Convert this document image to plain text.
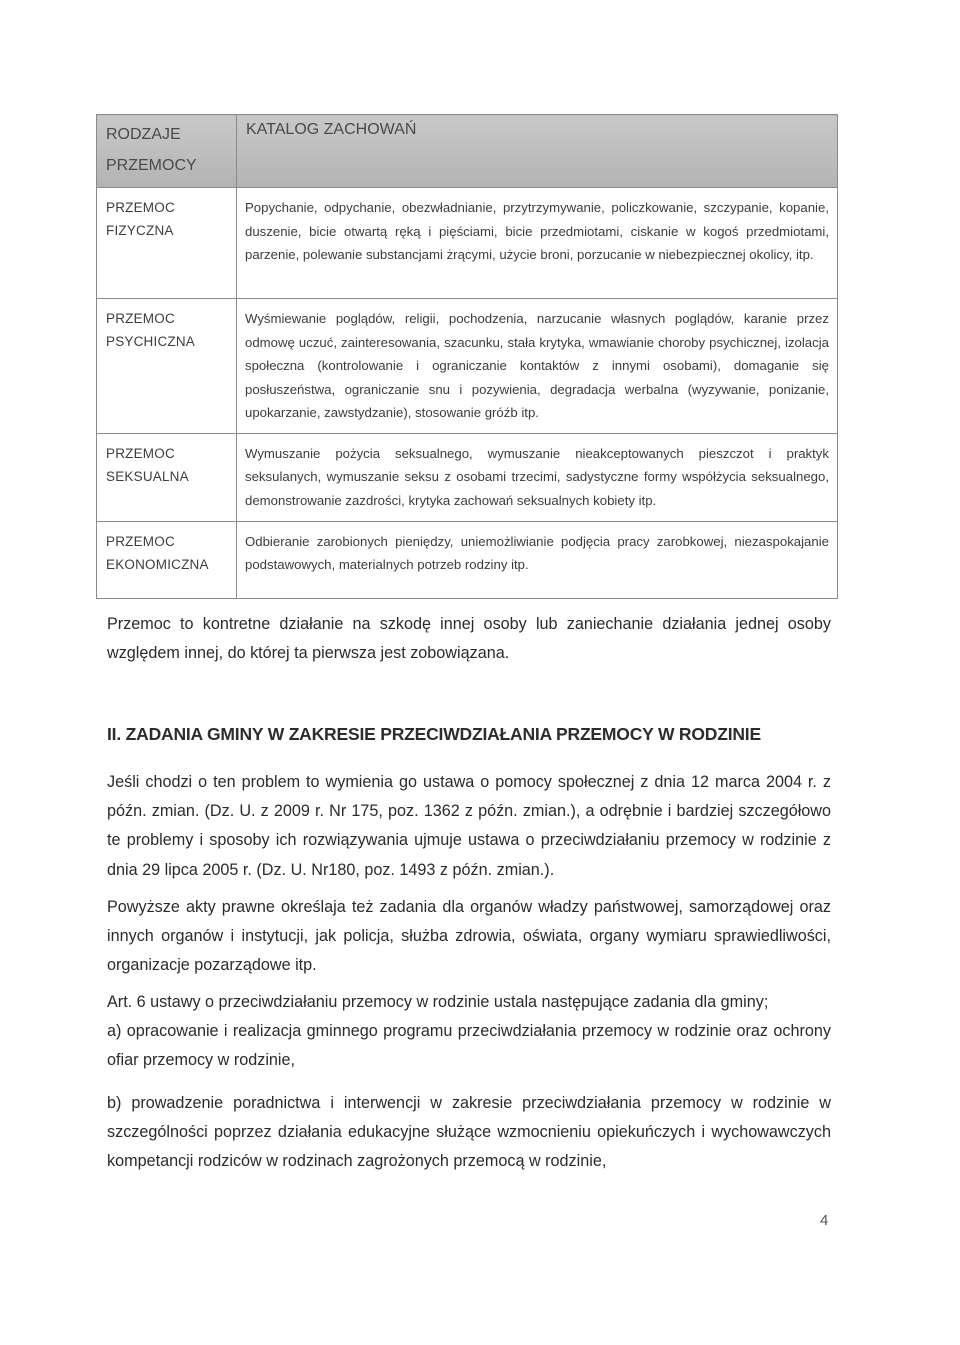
RODZAJE
PRZEMOCY	KATALOG ZACHOWAŃ

PRZEMOC
FIZYCZNA	Popychanie, odpychanie, obezwładnianie, przytrzymywanie, policzkowanie, szczypanie, kopanie, duszenie, bicie otwartą ręką i pięściami, bicie przedmiotami, ciskanie w kogoś przedmiotami, parzenie, polewanie substancjami żrącymi, użycie broni, porzucanie w niebezpiecznej okolicy, itp.

PRZEMOC
PSYCHICZNA	Wyśmiewanie poglądów, religii, pochodzenia, narzucanie własnych poglądów, karanie przez odmowę uczuć, zainteresowania, szacunku, stała krytyka, wmawianie choroby psychicznej, izolacja społeczna (kontrolowanie i ograniczanie kontaktów z innymi osobami), domaganie się posłuszeństwa, ograniczanie snu i pozywienia, degradacja werbalna (wyzywanie, ponizanie, upokarzanie, zawstydzanie), stosowanie gróźb itp.

PRZEMOC
SEKSUALNA	Wymuszanie pożycia seksualnego, wymuszanie nieakceptowanych pieszczot i praktyk seksulanych, wymuszanie seksu z osobami trzecimi, sadystyczne formy współżycia seksualnego, demonstrowanie zazdrości, krytyka zachowań seksualnych kobiety itp.

PRZEMOC
EKONOMICZNA	Odbieranie zarobionych pieniędzy, uniemożliwianie podjęcia pracy zarobkowej, niezaspokajanie podstawowych, materialnych potrzeb rodziny itp.

Przemoc to kontretne działanie na szkodę innej osoby lub zaniechanie działania jednej osoby względem innej, do której ta pierwsza jest zobowiązana.

II. ZADANIA GMINY W ZAKRESIE PRZECIWDZIAŁANIA PRZEMOCY W RODZINIE

Jeśli chodzi o ten problem to wymienia go ustawa o pomocy społecznej z dnia 12 marca 2004 r. z późn. zmian. (Dz. U. z 2009 r. Nr 175, poz. 1362 z późn. zmian.), a odrębnie i bardziej szczegółowo te problemy i sposoby ich rozwiązywania ujmuje ustawa o przeciwdziałaniu przemocy w rodzinie z dnia 29 lipca 2005 r. (Dz. U. Nr180, poz. 1493 z późn. zmian.).

Powyższe akty prawne określaja też zadania dla organów władzy państwowej, samorządowej oraz innych organów i instytucji, jak policja, służba zdrowia, oświata, organy wymiaru sprawiedliwości, organizacje pozarządowe itp.

Art. 6 ustawy o przeciwdziałaniu przemocy w rodzinie ustala następujące zadania dla gminy;
a) opracowanie i realizacja gminnego programu przeciwdziałania przemocy w rodzinie oraz ochrony ofiar przemocy w rodzinie,

b) prowadzenie poradnictwa i interwencji w zakresie przeciwdziałania przemocy w rodzinie w szczególności poprzez działania edukacyjne służące wzmocnieniu opiekuńczych i wychowawczych kompetancji rodziców w rodzinach zagrożonych przemocą w rodzinie,

4
